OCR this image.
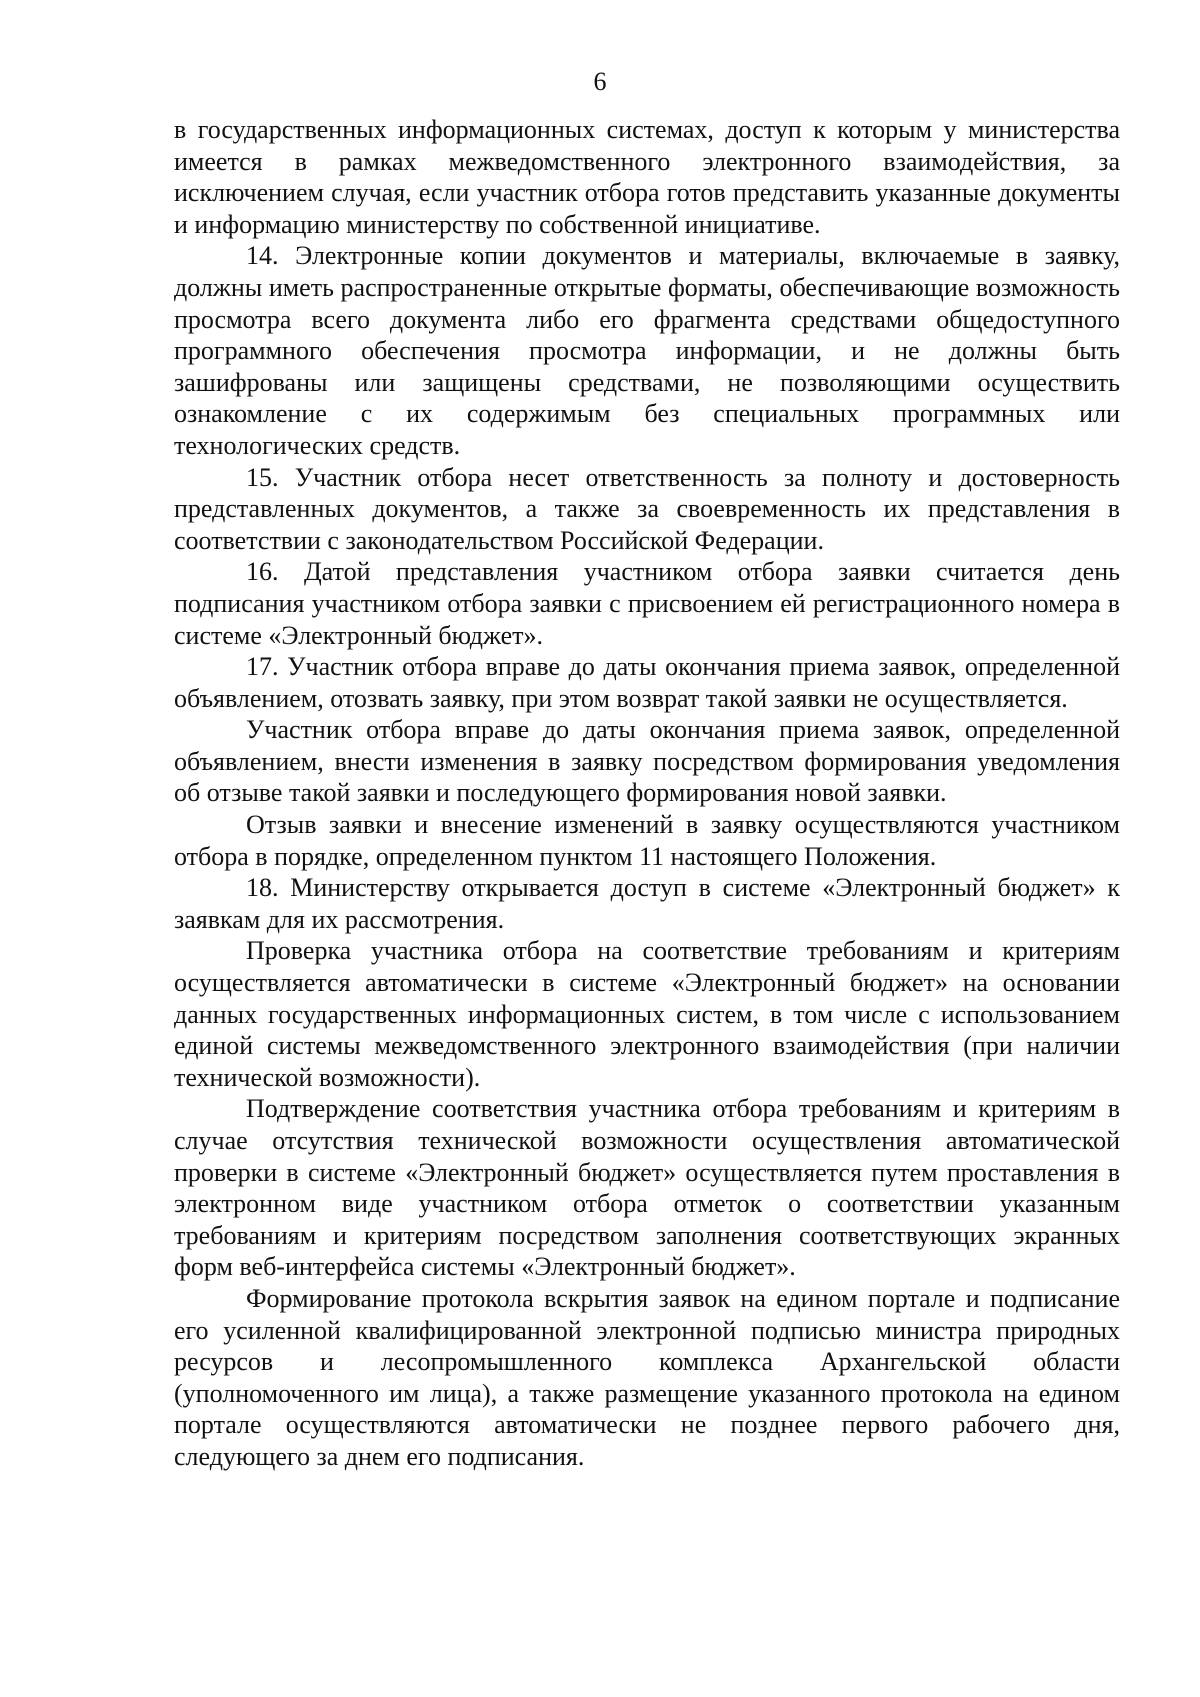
6

в государственных информационных системах, доступ к которым у министерства имеется в рамках межведомственного электронного взаимодействия, за исключением случая, если участник отбора готов представить указанные документы и информацию министерству по собственной инициативе.

14. Электронные копии документов и материалы, включаемые в заявку, должны иметь распространенные открытые форматы, обеспечивающие возможность просмотра всего документа либо его фрагмента средствами общедоступного программного обеспечения просмотра информации, и не должны быть зашифрованы или защищены средствами, не позволяющими осуществить ознакомление с их содержимым без специальных программных или технологических средств.

15. Участник отбора несет ответственность за полноту и достоверность представленных документов, а также за своевременность их представления в соответствии с законодательством Российской Федерации.

16. Датой представления участником отбора заявки считается день подписания участником отбора заявки с присвоением ей регистрационного номера в системе «Электронный бюджет».

17. Участник отбора вправе до даты окончания приема заявок, определенной объявлением, отозвать заявку, при этом возврат такой заявки не осуществляется.

Участник отбора вправе до даты окончания приема заявок, определенной объявлением, внести изменения в заявку посредством формирования уведомления об отзыве такой заявки и последующего формирования новой заявки.

Отзыв заявки и внесение изменений в заявку осуществляются участником отбора в порядке, определенном пунктом 11 настоящего Положения.

18. Министерству открывается доступ в системе «Электронный бюджет» к заявкам для их рассмотрения.

Проверка участника отбора на соответствие требованиям и критериям осуществляется автоматически в системе «Электронный бюджет» на основании данных государственных информационных систем, в том числе с использованием единой системы межведомственного электронного взаимодействия (при наличии технической возможности).

Подтверждение соответствия участника отбора требованиям и критериям в случае отсутствия технической возможности осуществления автоматической проверки в системе «Электронный бюджет» осуществляется путем проставления в электронном виде участником отбора отметок о соответствии указанным требованиям и критериям посредством заполнения соответствующих экранных форм веб-интерфейса системы «Электронный бюджет».

Формирование протокола вскрытия заявок на едином портале и подписание его усиленной квалифицированной электронной подписью министра природных ресурсов и лесопромышленного комплекса Архангельской области (уполномоченного им лица), а также размещение указанного протокола на едином портале осуществляются автоматически не позднее первого рабочего дня, следующего за днем его подписания.
